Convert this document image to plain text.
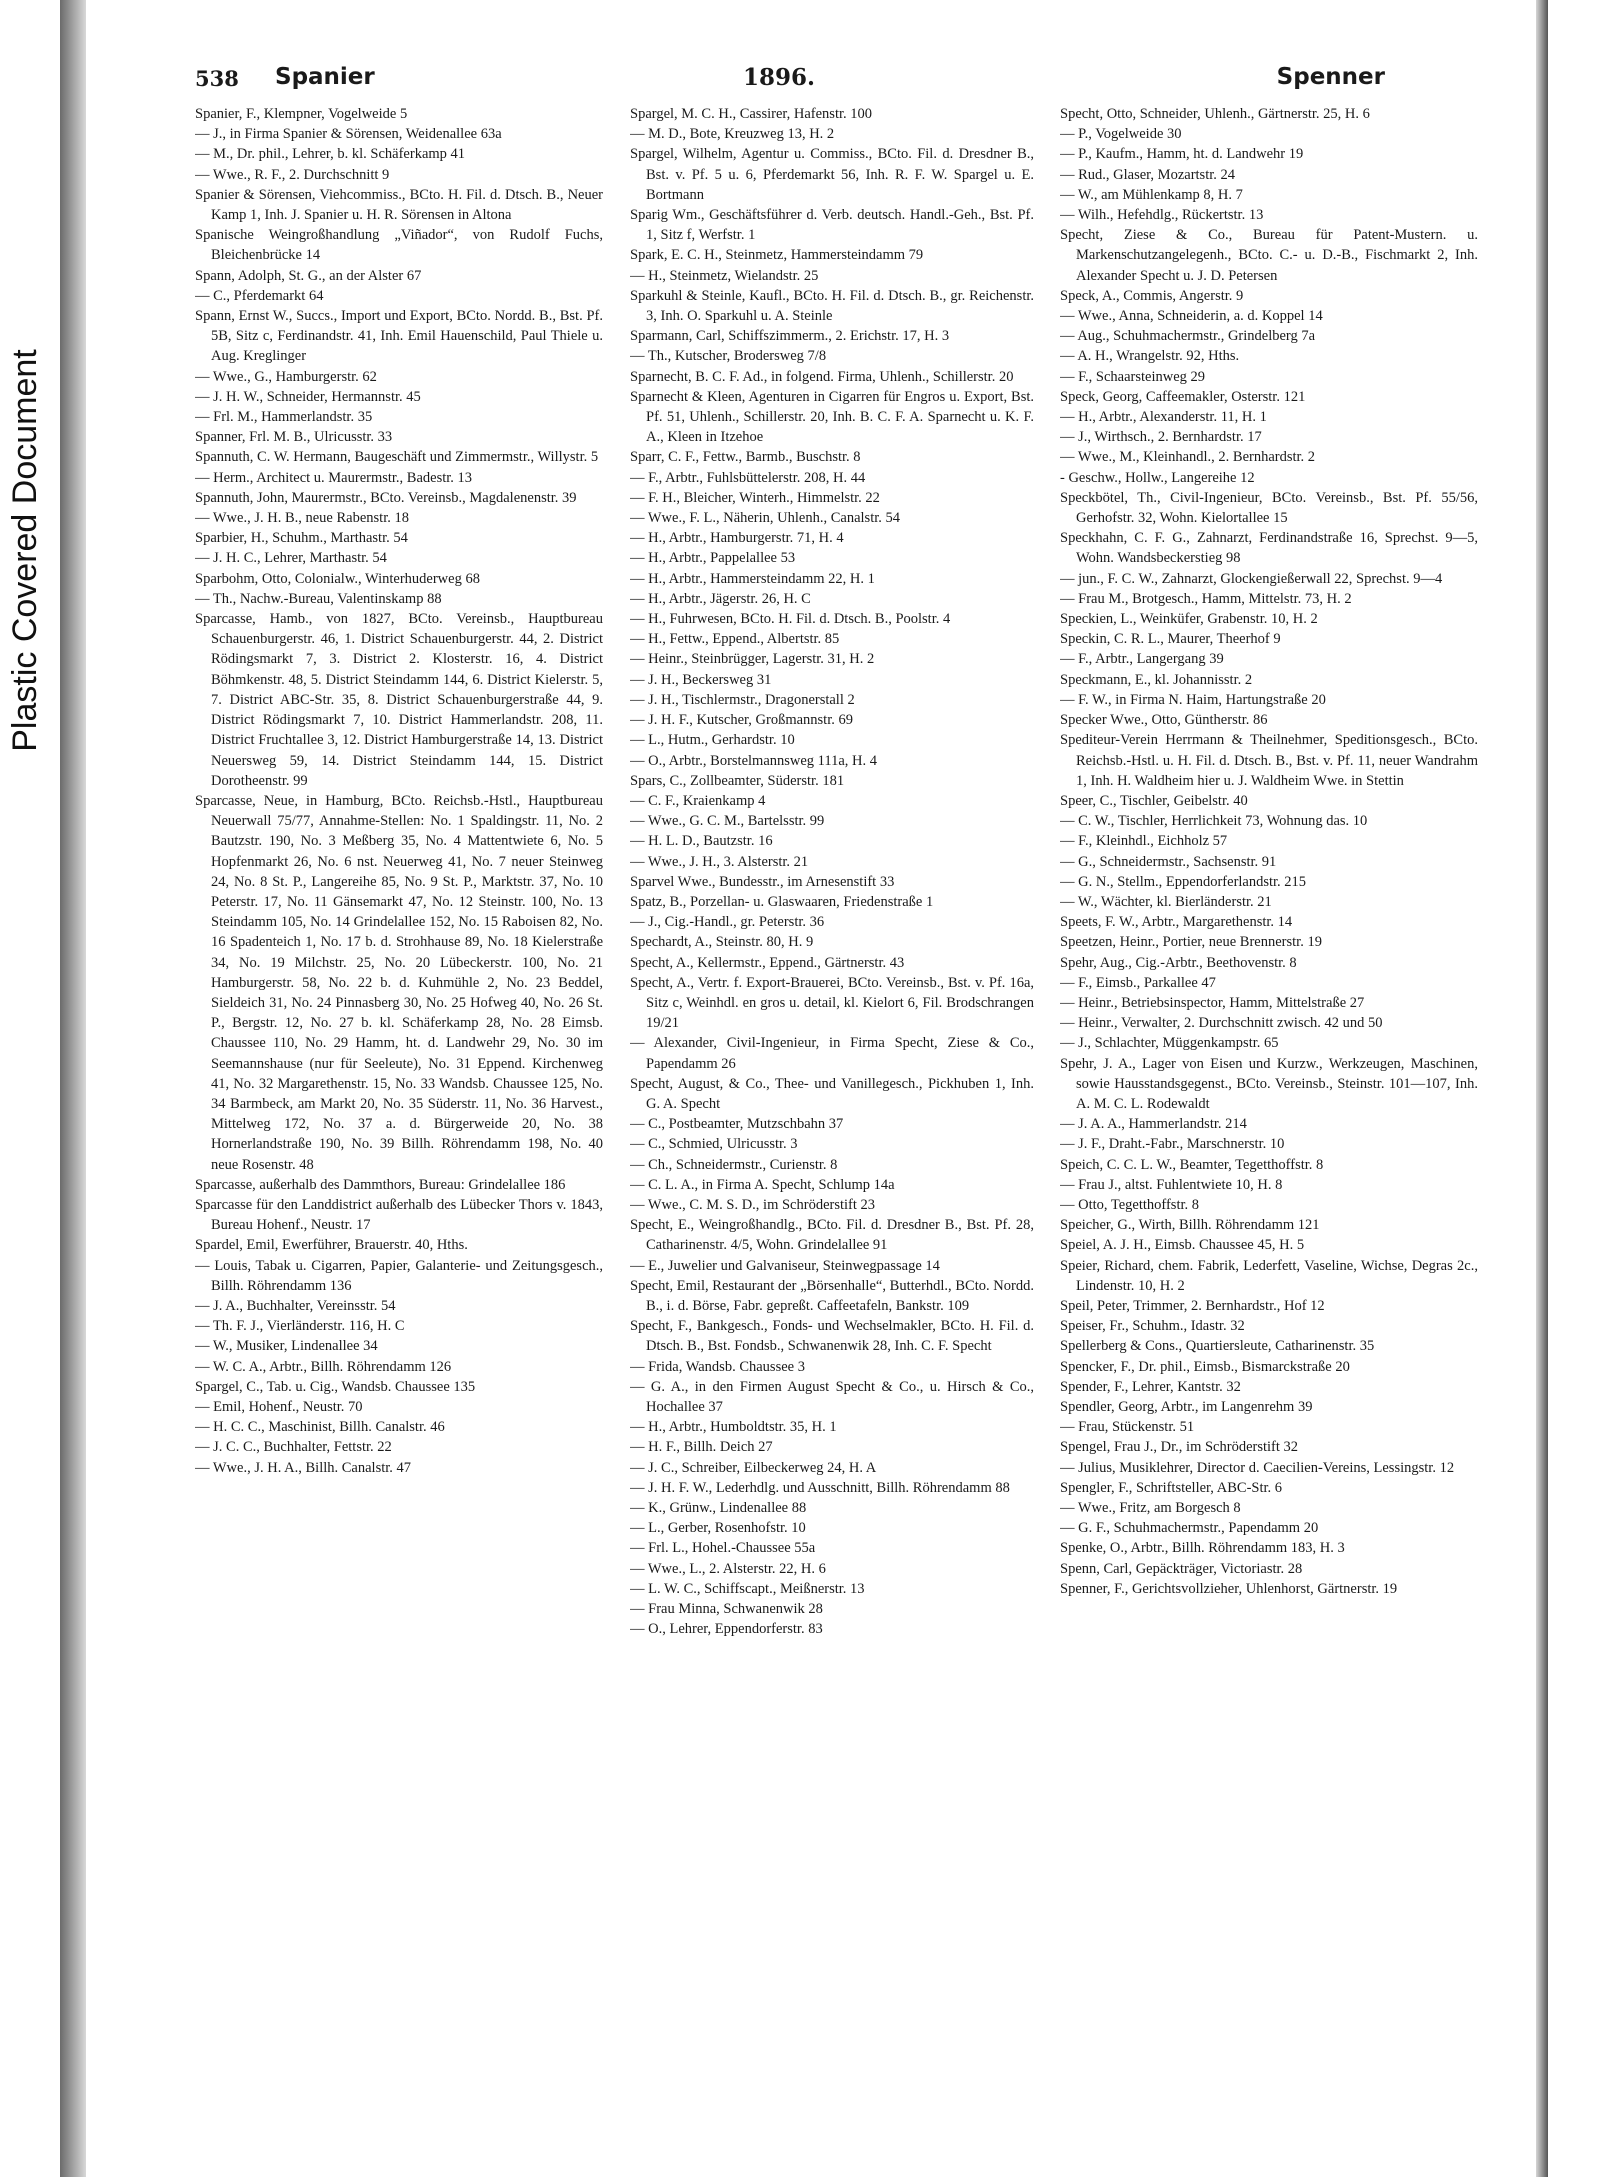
Plastic Covered Document
538 Spanier	1896.	Spenner
Spanier, F., Klempner, Vogelweide 5
— J., in Firma Spanier & Sörensen, Weidenallee 63a
— M., Dr. phil., Lehrer, b. kl. Schäferkamp 41
— Wwe., R. F., 2. Durchschnitt 9
Spanier & Sörensen, Viehcommiss., BCto. H. Fil. d. Dtsch. B., Neuer Kamp 1, Inh. J. Spanier u. H. R. Sörensen in Altona
Spanische Weingroßhandlung „Viñador“, von Rudolf Fuchs, Bleichenbrücke 14
Spann, Adolph, St. G., an der Alster 67
— C., Pferdemarkt 64
Spann, Ernst W., Succs., Import und Export, BCto. Nordd. B., Bst. Pf. 5B, Sitz c, Ferdinandstr. 41, Inh. Emil Hauenschild, Paul Thiele u. Aug. Kreglinger
— Wwe., G., Hamburgerstr. 62
— J. H. W., Schneider, Hermannstr. 45
— Frl. M., Hammerlandstr. 35
Spanner, Frl. M. B., Ulricusstr. 33
Spannuth, C. W. Hermann, Baugeschäft und Zimmermstr., Willystr. 5
— Herm., Architect u. Maurermstr., Badestr. 13
Spannuth, John, Maurermstr., BCto. Vereinsb., Magdalenenstr. 39
— Wwe., J. H. B., neue Rabenstr. 18
Sparbier, H., Schuhm., Marthastr. 54
— J. H. C., Lehrer, Marthastr. 54
Sparbohm, Otto, Colonialw., Winterhuderweg 68
— Th., Nachw.-Bureau, Valentinskamp 88
Sparcasse, Hamb., von 1827, BCto. Vereinsb., Hauptbureau Schauenburgerstr. 46, 1. District Schauenburgerstr. 44, 2. District Rödingsmarkt 7, 3. District 2. Klosterstr. 16, 4. District Böhmkenstr. 48, 5. District Steindamm 144, 6. District Kielerstr. 5, 7. District ABC-Str. 35, 8. District Schauenburgerstraße 44, 9. District Rödingsmarkt 7, 10. District Hammerlandstr. 208, 11. District Fruchtallee 3, 12. District Hamburgerstraße 14, 13. District Neuersweg 59, 14. District Steindamm 144, 15. District Dorotheenstr. 99
Sparcasse, Neue, in Hamburg, BCto. Reichsb.-Hstl., Hauptbureau Neuerwall 75/77, Annahme-Stellen: No. 1 Spaldingstr. 11, No. 2 Bautzstr. 190, No. 3 Meßberg 35, No. 4 Mattentwiete 6, No. 5 Hopfenmarkt 26, No. 6 nst. Neuerweg 41, No. 7 neuer Steinweg 24, No. 8 St. P., Langereihe 85, No. 9 St. P., Marktstr. 37, No. 10 Peterstr. 17, No. 11 Gänsemarkt 47, No. 12 Steinstr. 100, No. 13 Steindamm 105, No. 14 Grindelallee 152, No. 15 Raboisen 82, No. 16 Spadenteich 1, No. 17 b. d. Strohhause 89, No. 18 Kielerstraße 34, No. 19 Milchstr. 25, No. 20 Lübeckerstr. 100, No. 21 Hamburgerstr. 58, No. 22 b. d. Kuhmühle 2, No. 23 Beddel, Sieldeich 31, No. 24 Pinnasberg 30, No. 25 Hofweg 40, No. 26 St. P., Bergstr. 12, No. 27 b. kl. Schäferkamp 28, No. 28 Eimsb. Chaussee 110, No. 29 Hamm, ht. d. Landwehr 29, No. 30 im Seemannshause (nur für Seeleute), No. 31 Eppend. Kirchenweg 41, No. 32 Margarethenstr. 15, No. 33 Wandsb. Chaussee 125, No. 34 Barmbeck, am Markt 20, No. 35 Süderstr. 11, No. 36 Harvest., Mittelweg 172, No. 37 a. d. Bürgerweide 20, No. 38 Hornerlandstraße 190, No. 39 Billh. Röhrendamm 198, No. 40 neue Rosenstr. 48
Sparcasse, außerhalb des Dammthors, Bureau: Grindelallee 186
Sparcasse für den Landdistrict außerhalb des Lübecker Thors v. 1843, Bureau Hohenf., Neustr. 17
Spardel, Emil, Ewerführer, Brauerstr. 40, Hths.
— Louis, Tabak u. Cigarren, Papier, Galanterie- und Zeitungsgesch., Billh. Röhrendamm 136
— J. A., Buchhalter, Vereinsstr. 54
— Th. F. J., Vierländerstr. 116, H. C
— W., Musiker, Lindenallee 34
— W. C. A., Arbtr., Billh. Röhrendamm 126
Spargel, C., Tab. u. Cig., Wandsb. Chaussee 135
— Emil, Hohenf., Neustr. 70
— H. C. C., Maschinist, Billh. Canalstr. 46
— J. C. C., Buchhalter, Fettstr. 22
— Wwe., J. H. A., Billh. Canalstr. 47
Spargel, M. C. H., Cassirer, Hafenstr. 100
— M. D., Bote, Kreuzweg 13, H. 2
Spargel, Wilhelm, Agentur u. Commiss., BCto. Fil. d. Dresdner B., Bst. v. Pf. 5 u. 6, Pferdemarkt 56, Inh. R. F. W. Spargel u. E. Bortmann
Sparig Wm., Geschäftsführer d. Verb. deutsch. Handl.-Geh., Bst. Pf. 1, Sitz f, Werfstr. 1
Spark, E. C. H., Steinmetz, Hammersteindamm 79
— H., Steinmetz, Wielandstr. 25
Sparkuhl & Steinle, Kaufl., BCto. H. Fil. d. Dtsch. B., gr. Reichenstr. 3, Inh. O. Sparkuhl u. A. Steinle
Sparmann, Carl, Schiffszimmerm., 2. Erichstr. 17, H. 3
— Th., Kutscher, Brodersweg 7/8
Sparnecht, B. C. F. Ad., in folgend. Firma, Uhlenh., Schillerstr. 20
Sparnecht & Kleen, Agenturen in Cigarren für Engros u. Export, Bst. Pf. 51, Uhlenh., Schillerstr. 20, Inh. B. C. F. A. Sparnecht u. K. F. A., Kleen in Itzehoe
Sparr, C. F., Fettw., Barmb., Buschstr. 8
— F., Arbtr., Fuhlsbüttelerstr. 208, H. 44
— F. H., Bleicher, Winterh., Himmelstr. 22
— Wwe., F. L., Näherin, Uhlenh., Canalstr. 54
— H., Arbtr., Hamburgerstr. 71, H. 4
— H., Arbtr., Pappelallee 53
— H., Arbtr., Hammersteindamm 22, H. 1
— H., Arbtr., Jägerstr. 26, H. C
— H., Fuhrwesen, BCto. H. Fil. d. Dtsch. B., Poolstr. 4
— H., Fettw., Eppend., Albertstr. 85
— Heinr., Steinbrügger, Lagerstr. 31, H. 2
— J. H., Beckersweg 31
— J. H., Tischlermstr., Dragonerstall 2
— J. H. F., Kutscher, Großmannstr. 69
— L., Hutm., Gerhardstr. 10
— O., Arbtr., Borstelmannsweg 111a, H. 4
Spars, C., Zollbeamter, Süderstr. 181
— C. F., Kraienkamp 4
— Wwe., G. C. M., Bartelsstr. 99
— H. L. D., Bautzstr. 16
— Wwe., J. H., 3. Alsterstr. 21
Sparvel Wwe., Bundesstr., im Arnesenstift 33
Spatz, B., Porzellan- u. Glaswaaren, Friedenstraße 1
— J., Cig.-Handl., gr. Peterstr. 36
Spechardt, A., Steinstr. 80, H. 9
Specht, A., Kellermstr., Eppend., Gärtnerstr. 43
Specht, A., Vertr. f. Export-Brauerei, BCto. Vereinsb., Bst. v. Pf. 16a, Sitz c, Weinhdl. en gros u. detail, kl. Kielort 6, Fil. Brodschrangen 19/21
— Alexander, Civil-Ingenieur, in Firma Specht, Ziese & Co., Papendamm 26
Specht, August, & Co., Thee- und Vanillegesch., Pickhuben 1, Inh. G. A. Specht
— C., Postbeamter, Mutzschbahn 37
— C., Schmied, Ulricusstr. 3
— Ch., Schneidermstr., Curienstr. 8
— C. L. A., in Firma A. Specht, Schlump 14a
— Wwe., C. M. S. D., im Schröderstift 23
Specht, E., Weingroßhandlg., BCto. Fil. d. Dresdner B., Bst. Pf. 28, Catharinenstr. 4/5, Wohn. Grindelallee 91
— E., Juwelier und Galvaniseur, Steinwegpassage 14
Specht, Emil, Restaurant der „Börsenhalle“, Butterhdl., BCto. Nordd. B., i. d. Börse, Fabr. gepreßt. Caffeetafeln, Bankstr. 109
Specht, F., Bankgesch., Fonds- und Wechselmakler, BCto. H. Fil. d. Dtsch. B., Bst. Fondsb., Schwanenwik 28, Inh. C. F. Specht
— Frida, Wandsb. Chaussee 3
— G. A., in den Firmen August Specht & Co., u. Hirsch & Co., Hochallee 37
— H., Arbtr., Humboldtstr. 35, H. 1
— H. F., Billh. Deich 27
— J. C., Schreiber, Eilbeckerweg 24, H. A
— J. H. F. W., Lederhdlg. und Ausschnitt, Billh. Röhrendamm 88
— K., Grünw., Lindenallee 88
— L., Gerber, Rosenhofstr. 10
— Frl. L., Hohel.-Chaussee 55a
— Wwe., L., 2. Alsterstr. 22, H. 6
— L. W. C., Schiffscapt., Meißnerstr. 13
— Frau Minna, Schwanenwik 28
— O., Lehrer, Eppendorferstr. 83
Specht, Otto, Schneider, Uhlenh., Gärtnerstr. 25, H. 6
— P., Vogelweide 30
— P., Kaufm., Hamm, ht. d. Landwehr 19
— Rud., Glaser, Mozartstr. 24
— W., am Mühlenkamp 8, H. 7
— Wilh., Hefehdlg., Rückertstr. 13
Specht, Ziese & Co., Bureau für Patent-Mustern. u. Markenschutzangelegenh., BCto. C.- u. D.-B., Fischmarkt 2, Inh. Alexander Specht u. J. D. Petersen
Speck, A., Commis, Angerstr. 9
— Wwe., Anna, Schneiderin, a. d. Koppel 14
— Aug., Schuhmachermstr., Grindelberg 7a
— A. H., Wrangelstr. 92, Hths.
— F., Schaarsteinweg 29
Speck, Georg, Caffeemakler, Osterstr. 121
— H., Arbtr., Alexanderstr. 11, H. 1
— J., Wirthsch., 2. Bernhardstr. 17
— Wwe., M., Kleinhandl., 2. Bernhardstr. 2
- Geschw., Hollw., Langereihe 12
Speckbötel, Th., Civil-Ingenieur, BCto. Vereinsb., Bst. Pf. 55/56, Gerhofstr. 32, Wohn. Kielortallee 15
Speckhahn, C. F. G., Zahnarzt, Ferdinandstraße 16, Sprechst. 9—5, Wohn. Wandsbeckerstieg 98
— jun., F. C. W., Zahnarzt, Glockengießerwall 22, Sprechst. 9—4
— Frau M., Brotgesch., Hamm, Mittelstr. 73, H. 2
Speckien, L., Weinküfer, Grabenstr. 10, H. 2
Speckin, C. R. L., Maurer, Theerhof 9
— F., Arbtr., Langergang 39
Speckmann, E., kl. Johannisstr. 2
— F. W., in Firma N. Haim, Hartungstraße 20
Specker Wwe., Otto, Güntherstr. 86
Spediteur-Verein Herrmann & Theilnehmer, Speditionsgesch., BCto. Reichsb.-Hstl. u. H. Fil. d. Dtsch. B., Bst. v. Pf. 11, neuer Wandrahm 1, Inh. H. Waldheim hier u. J. Waldheim Wwe. in Stettin
Speer, C., Tischler, Geibelstr. 40
— C. W., Tischler, Herrlichkeit 73, Wohnung das. 10
— F., Kleinhdl., Eichholz 57
— G., Schneidermstr., Sachsenstr. 91
— G. N., Stellm., Eppendorferlandstr. 215
— W., Wächter, kl. Bierländerstr. 21
Speets, F. W., Arbtr., Margarethenstr. 14
Speetzen, Heinr., Portier, neue Brennerstr. 19
Spehr, Aug., Cig.-Arbtr., Beethovenstr. 8
— F., Eimsb., Parkallee 47
— Heinr., Betriebsinspector, Hamm, Mittelstraße 27
— Heinr., Verwalter, 2. Durchschnitt zwisch. 42 und 50
— J., Schlachter, Müggenkampstr. 65
Spehr, J. A., Lager von Eisen und Kurzw., Werkzeugen, Maschinen, sowie Hausstandsgegenst., BCto. Vereinsb., Steinstr. 101—107, Inh. A. M. C. L. Rodewaldt
— J. A. A., Hammerlandstr. 214
— J. F., Draht.-Fabr., Marschnerstr. 10
Speich, C. C. L. W., Beamter, Tegetthoffstr. 8
— Frau J., altst. Fuhlentwiete 10, H. 8
— Otto, Tegetthoffstr. 8
Speicher, G., Wirth, Billh. Röhrendamm 121
Speiel, A. J. H., Eimsb. Chaussee 45, H. 5
Speier, Richard, chem. Fabrik, Lederfett, Vaseline, Wichse, Degras 2c., Lindenstr. 10, H. 2
Speil, Peter, Trimmer, 2. Bernhardstr., Hof 12
Speiser, Fr., Schuhm., Idastr. 32
Spellerberg & Cons., Quartiersleute, Catharinenstr. 35
Spencker, F., Dr. phil., Eimsb., Bismarckstraße 20
Spender, F., Lehrer, Kantstr. 32
Spendler, Georg, Arbtr., im Langenrehm 39
— Frau, Stückenstr. 51
Spengel, Frau J., Dr., im Schröderstift 32
— Julius, Musiklehrer, Director d. Caecilien-Vereins, Lessingstr. 12
Spengler, F., Schriftsteller, ABC-Str. 6
— Wwe., Fritz, am Borgesch 8
— G. F., Schuhmachermstr., Papendamm 20
Spenke, O., Arbtr., Billh. Röhrendamm 183, H. 3
Spenn, Carl, Gepäckträger, Victoriastr. 28
Spenner, F., Gerichtsvollzieher, Uhlenhorst, Gärtnerstr. 19
